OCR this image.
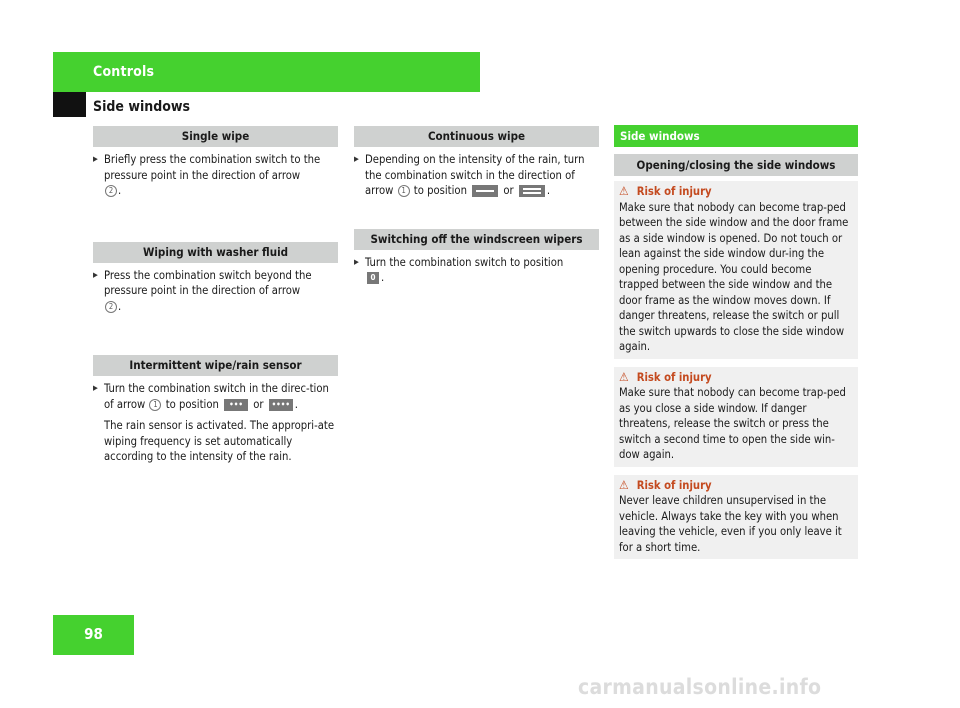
Controls
Side windows
Single wipe
▶ Briefly press the combination switch to the pressure point in the direction of arrow
2 .
Wiping with washer fluid
▶ Press the combination switch beyond the pressure point in the direction of arrow
2 .
Intermittent wipe/rain sensor
▶ Turn the combination switch in the direc-tion of arrow 1 to position ••• or •••• .
The rain sensor is activated. The appropri-ate wiping frequency is set automatically according to the intensity of the rain.
Continuous wipe
▶ Depending on the intensity of the rain, turn the combination switch in the direction of arrow 1 to position	or	.
Switching off the windscreen wipers
▶ Turn the combination switch to position
0 .
Side windows
Opening/closing the side windows
⚠ Risk of injury
Make sure that nobody can become trap-ped between the side window and the door frame as a side window is opened. Do not touch or lean against the side window dur-ing the opening procedure. You could become trapped between the side window and the door frame as the window moves down. If danger threatens, release the switch or pull the switch upwards to close the side window again.
⚠ Risk of injury
Make sure that nobody can become trap-ped as you close a side window. If danger threatens, release the switch or press the switch a second time to open the side win-dow again.
⚠ Risk of injury
Never leave children unsupervised in the vehicle. Always take the key with you when leaving the vehicle, even if you only leave it for a short time.
98
carmanualsonline.info
